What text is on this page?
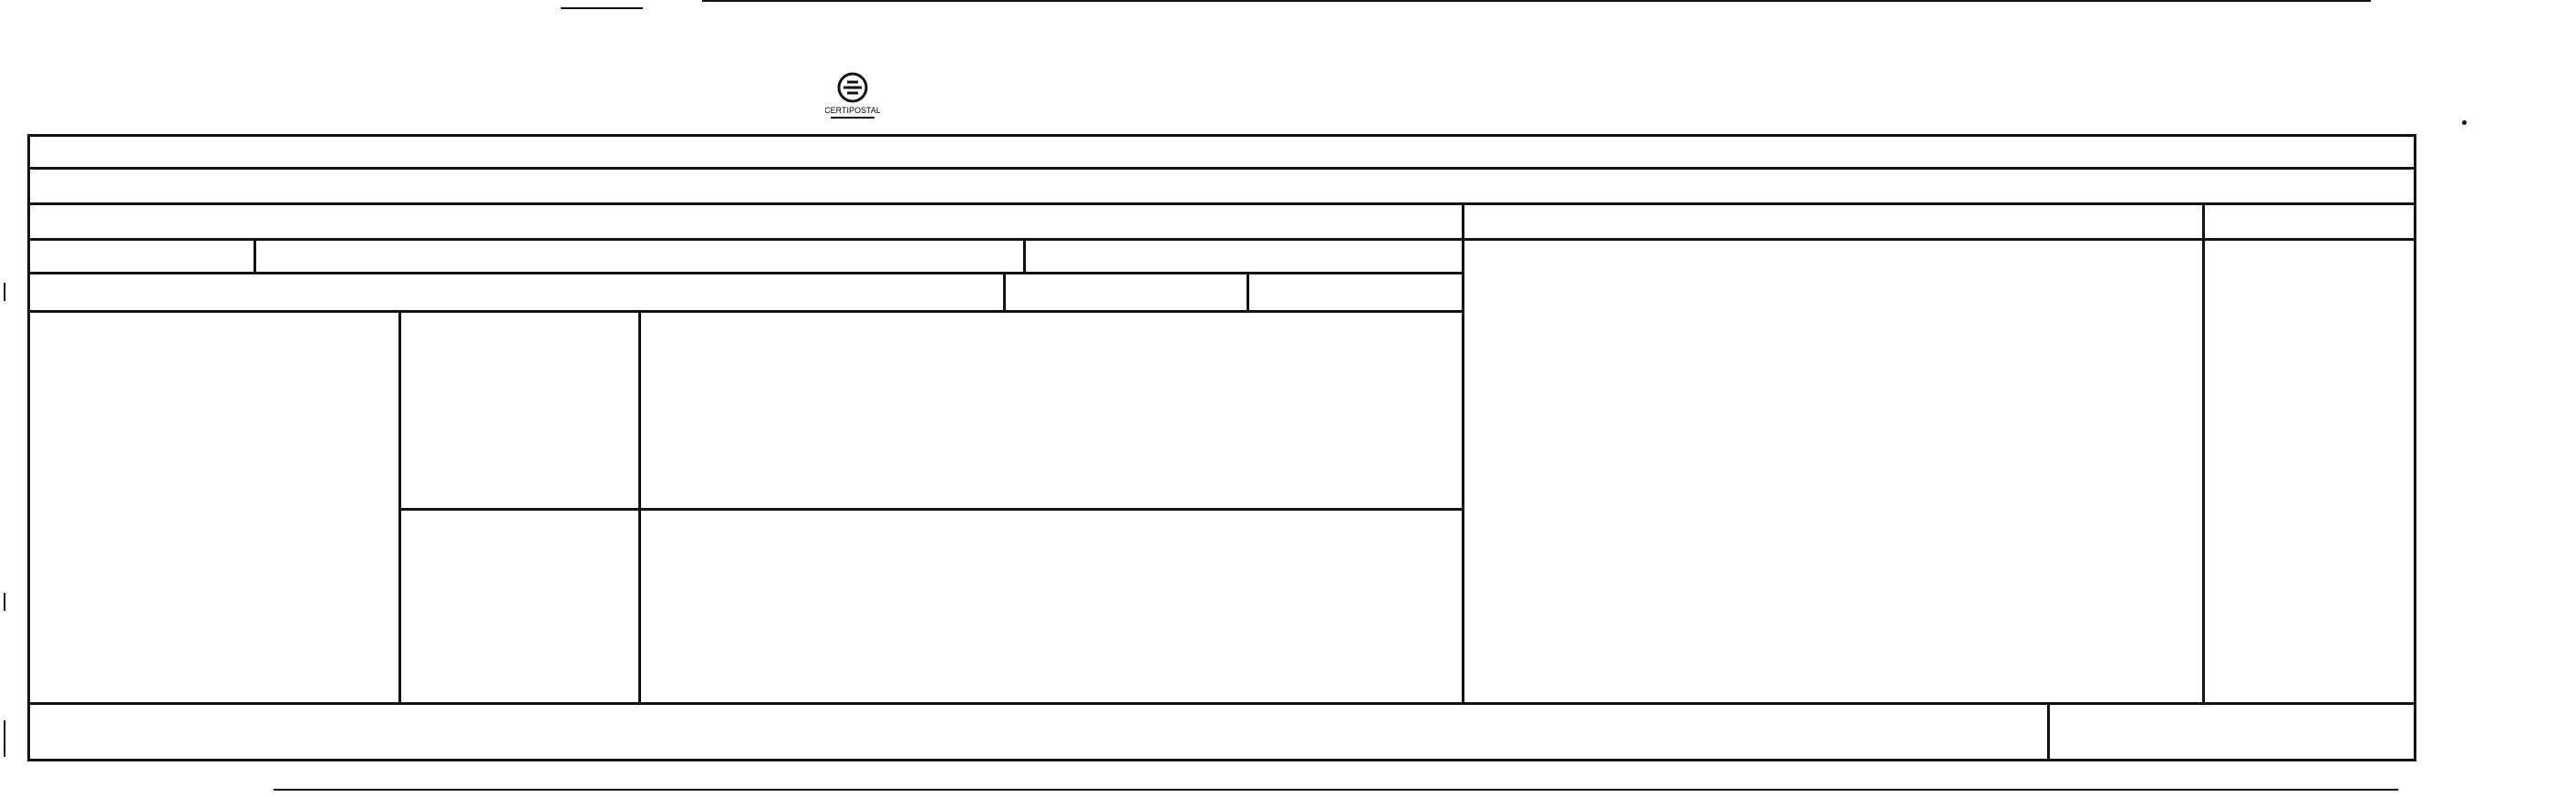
CERTIPOSTAL
